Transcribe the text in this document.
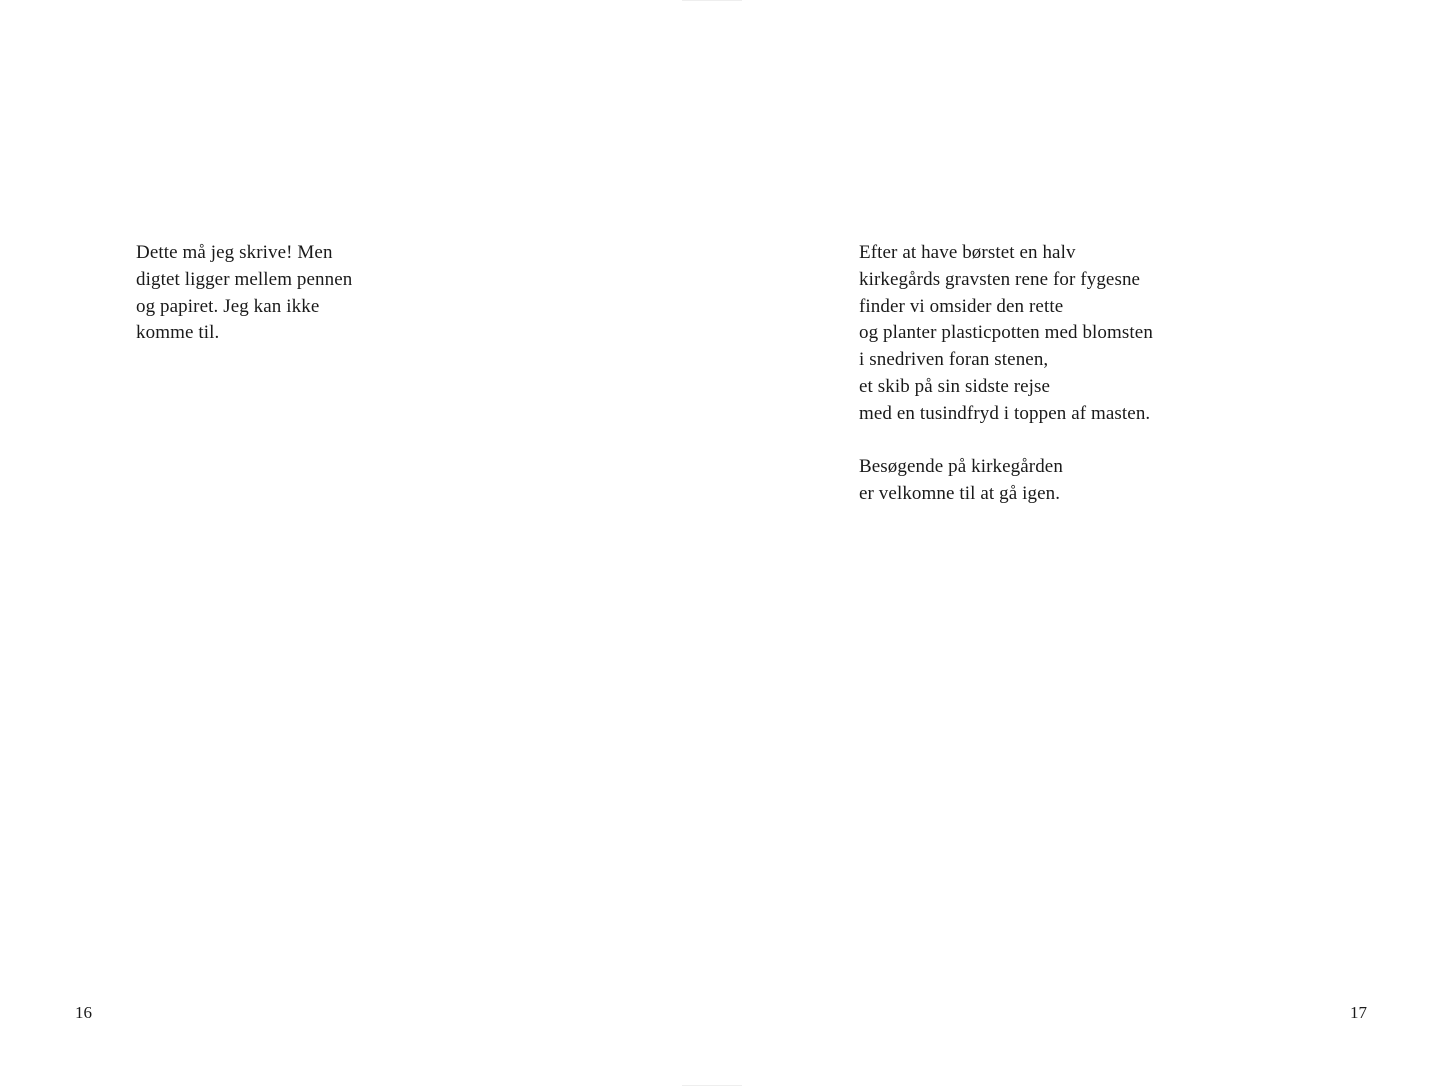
Dette må jeg skrive! Men
digtet ligger mellem pennen
og papiret. Jeg kan ikke
komme til.

16

Efter at have børstet en halv
kirkegårds gravsten rene for fygesne
finder vi omsider den rette
og planter plasticpotten med blomsten
i snedriven foran stenen,
et skib på sin sidste rejse
med en tusindfryd i toppen af masten.

Besøgende på kirkegården
er velkomne til at gå igen.

17
